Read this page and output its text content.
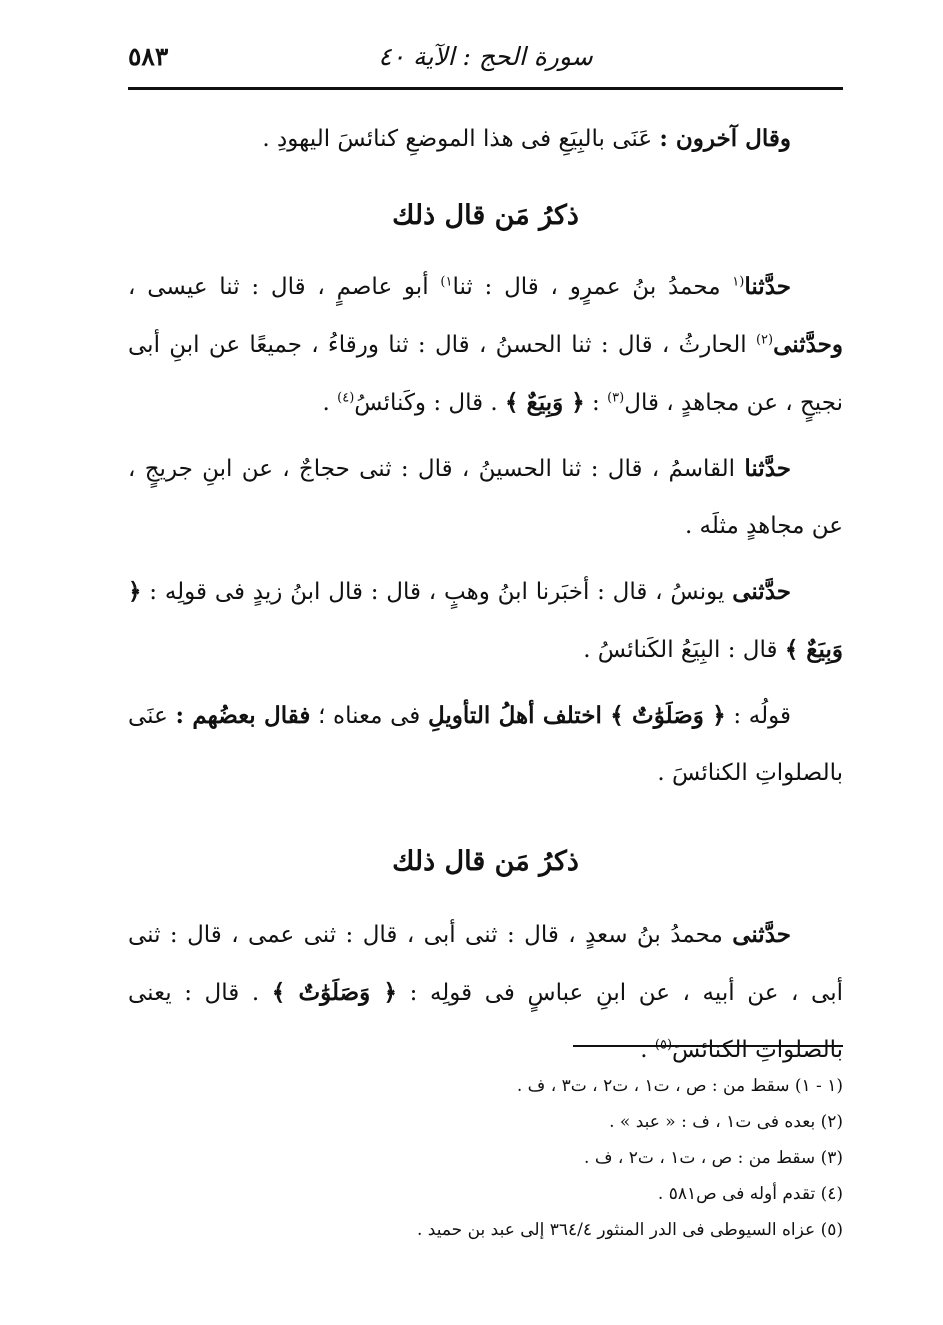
٥٨٣	سورة الحج : الآية ٤٠

وقال آخرون : عَنَى بالبِيَعِ فى هذا الموضعِ كنائسَ اليهودِ .

ذكرُ مَن قال ذلك

حدَّثنا$^{(١}$ محمدُ بنُ عمرٍو ، قال : ثنا$^{١)}$ أبو عاصمٍ ، قال : ثنا عيسى ، وحدَّثنى$^{(٢)}$ الحارثُ ، قال : ثنا الحسنُ ، قال : ثنا ورقاءُ ، جميعًا عن ابنِ أبى نجيحٍ ، عن مجاهدٍ ، قال$^{(٣)}$ : ﴿ وَبِيَعٌ ﴾ . قال : وكَنائسُ$^{(٤)}$ .

حدَّثنا القاسمُ ، قال : ثنا الحسينُ ، قال : ثنى حجاجٌ ، عن ابنِ جريجٍ ، عن مجاهدٍ مثلَه .

حدَّثنى يونسُ ، قال : أخبَرنا ابنُ وهبٍ ، قال : قال ابنُ زيدٍ فى قولِه : ﴿ وَبِيَعٌ ﴾ قال : البِيَعُ الكَنائسُ .

قولُه : ﴿ وَصَلَوَٰتٌ ﴾ اختلف أهلُ التأويلِ فى معناه ؛ فقال بعضُهم : عنَى بالصلواتِ الكنائسَ .

ذكرُ مَن قال ذلك

حدَّثنى محمدُ بنُ سعدٍ ، قال : ثنى أبى ، قال : ثنى عمى ، قال : ثنى أبى ، عن أبيه ، عن ابنِ عباسٍ فى قولِه : ﴿ وَصَلَوَٰتٌ ﴾ . قال : يعنى بالصلواتِ الكنائسَ$^{(٥)}$ .

(١ - ١) سقط من : ص ، ت١ ، ت٢ ، ت٣ ، ف .

(٢) بعده فى ت١ ، ف : « عبد » .

(٣) سقط من : ص ، ت١ ، ت٢ ، ف .

(٤) تقدم أوله فى ص٥٨١ .

(٥) عزاه السيوطى فى الدر المنثور ٣٦٤/٤ إلى عبد بن حميد .
